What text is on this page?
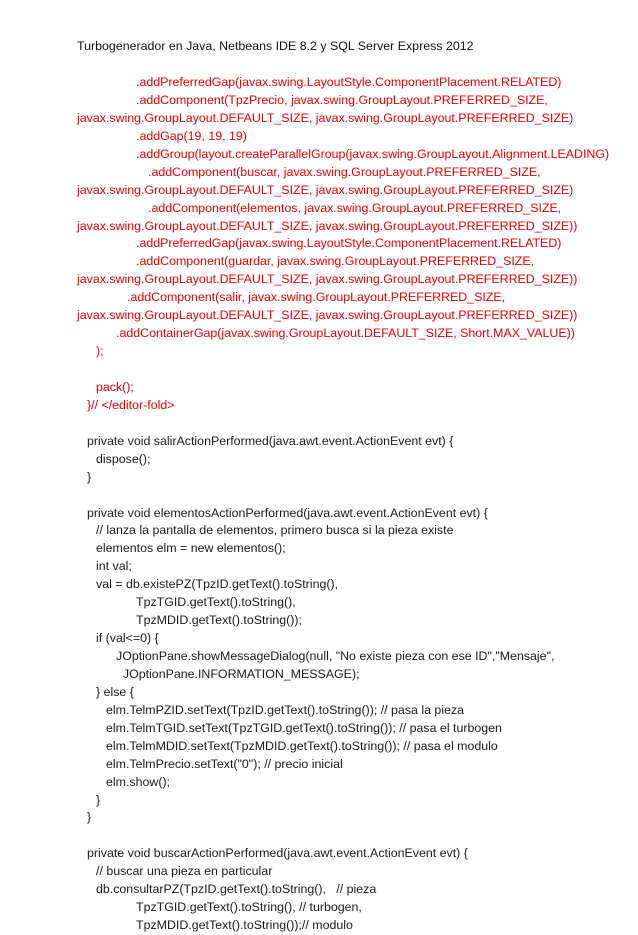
Turbogenerador en Java, Netbeans IDE 8.2 y SQL Server Express 2012
.addPreferredGap(javax.swing.LayoutStyle.ComponentPlacement.RELATED)
.addComponent(TpzPrecio, javax.swing.GroupLayout.PREFERRED_SIZE,
javax.swing.GroupLayout.DEFAULT_SIZE, javax.swing.GroupLayout.PREFERRED_SIZE)
.addGap(19, 19, 19)
.addGroup(layout.createParallelGroup(javax.swing.GroupLayout.Alignment.LEADING)
.addComponent(buscar, javax.swing.GroupLayout.PREFERRED_SIZE,
javax.swing.GroupLayout.DEFAULT_SIZE, javax.swing.GroupLayout.PREFERRED_SIZE)
.addComponent(elementos, javax.swing.GroupLayout.PREFERRED_SIZE,
javax.swing.GroupLayout.DEFAULT_SIZE, javax.swing.GroupLayout.PREFERRED_SIZE))
.addPreferredGap(javax.swing.LayoutStyle.ComponentPlacement.RELATED)
.addComponent(guardar, javax.swing.GroupLayout.PREFERRED_SIZE,
javax.swing.GroupLayout.DEFAULT_SIZE, javax.swing.GroupLayout.PREFERRED_SIZE))
.addComponent(salir, javax.swing.GroupLayout.PREFERRED_SIZE,
javax.swing.GroupLayout.DEFAULT_SIZE, javax.swing.GroupLayout.PREFERRED_SIZE))
.addContainerGap(javax.swing.GroupLayout.DEFAULT_SIZE, Short.MAX_VALUE))
);
pack();
}// </editor-fold>
private void salirActionPerformed(java.awt.event.ActionEvent evt) {
dispose();
}
private void elementosActionPerformed(java.awt.event.ActionEvent evt) {
// lanza la pantalla de elementos, primero busca si la pieza existe
elementos elm = new elementos();
int val;
val = db.existePZ(TpzID.getText().toString(),
TpzTGID.getText().toString(),
TpzMDID.getText().toString());
if (val<=0) {
JOptionPane.showMessageDialog(null, "No existe pieza con ese ID","Mensaje",
JOptionPane.INFORMATION_MESSAGE);
} else {
elm.TelmPZID.setText(TpzID.getText().toString()); // pasa la pieza
elm.TelmTGID.setText(TpzTGID.getText().toString()); // pasa el turbogen
elm.TelmMDID.setText(TpzMDID.getText().toString()); // pasa el modulo
elm.TelmPrecio.setText("0"); // precio inicial
elm.show();
}
}
private void buscarActionPerformed(java.awt.event.ActionEvent evt) {
// buscar una pieza en particular
db.consultarPZ(TpzID.getText().toString(),   // pieza
TpzTGID.getText().toString(), // turbogen,
TpzMDID.getText().toString());// modulo
